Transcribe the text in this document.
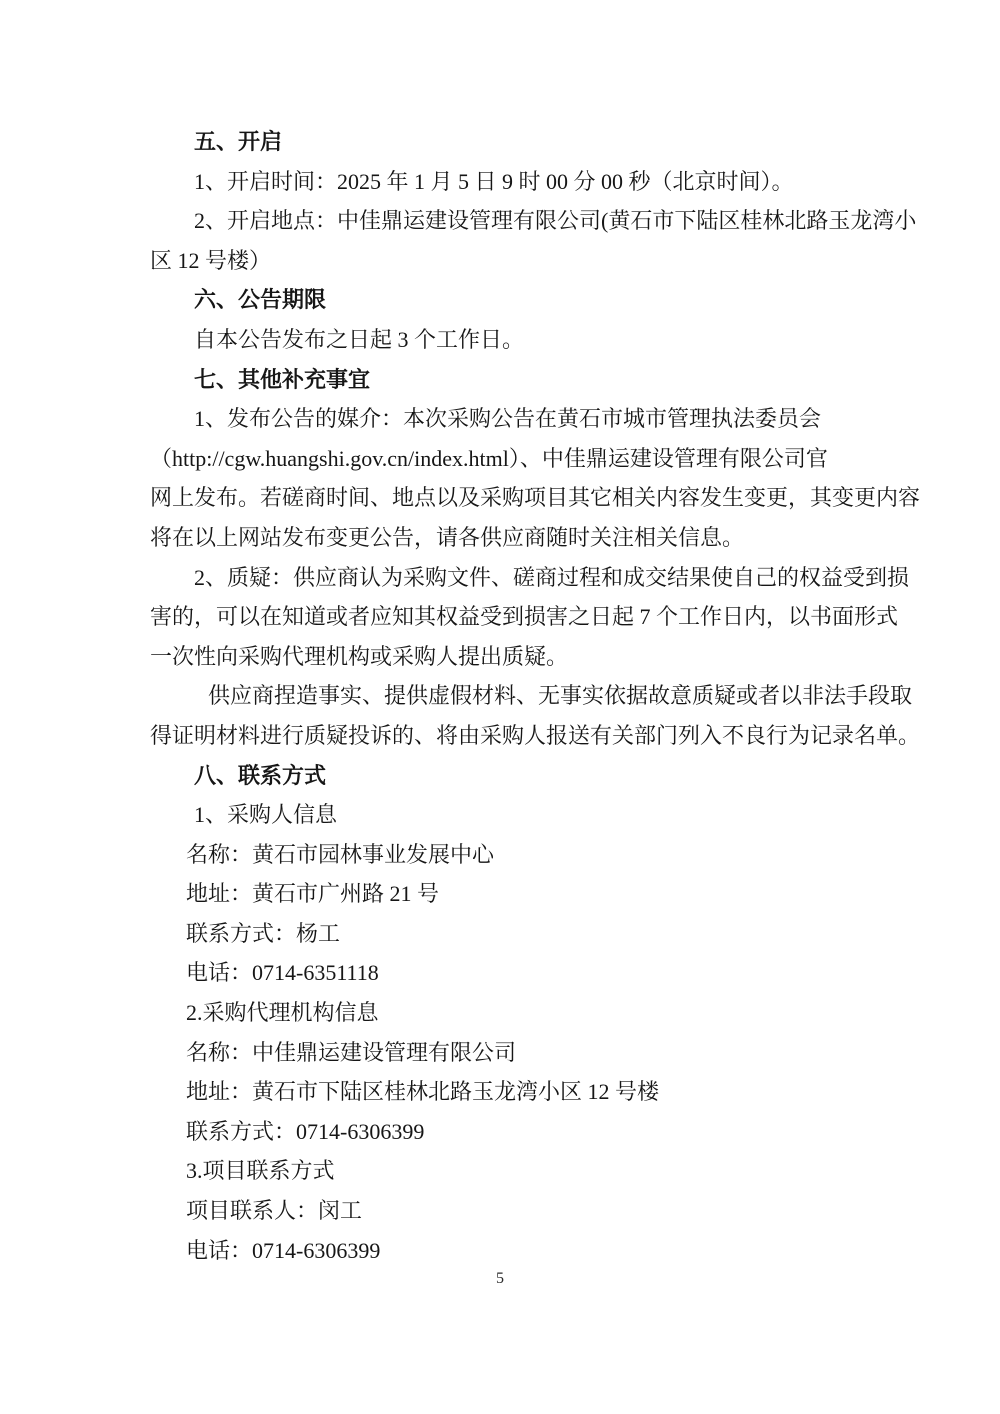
五、开启
1、开启时间：2025 年 1 月 5 日 9 时 00 分 00 秒（北京时间）。
2、开启地点：中佳鼎运建设管理有限公司(黄石市下陆区桂林北路玉龙湾小
区 12 号楼）
六、公告期限
自本公告发布之日起 3 个工作日。
七、其他补充事宜
1、发布公告的媒介：本次采购公告在黄石市城市管理执法委员会
（http://cgw.huangshi.gov.cn/index.html）、中佳鼎运建设管理有限公司官
网上发布。若磋商时间、地点以及采购项目其它相关内容发生变更，其变更内容
将在以上网站发布变更公告，请各供应商随时关注相关信息。
2、质疑：供应商认为采购文件、磋商过程和成交结果使自己的权益受到损
害的，可以在知道或者应知其权益受到损害之日起 7 个工作日内，以书面形式
一次性向采购代理机构或采购人提出质疑。
供应商捏造事实、提供虚假材料、无事实依据故意质疑或者以非法手段取
得证明材料进行质疑投诉的、将由采购人报送有关部门列入不良行为记录名单。
八、联系方式
1、采购人信息
名称：黄石市园林事业发展中心
地址：黄石市广州路 21 号
联系方式：杨工
电话：0714-6351118
2.采购代理机构信息
名称：中佳鼎运建设管理有限公司
地址：黄石市下陆区桂林北路玉龙湾小区 12 号楼
联系方式：0714-6306399
3.项目联系方式
项目联系人：闵工
电话：0714-6306399
5
